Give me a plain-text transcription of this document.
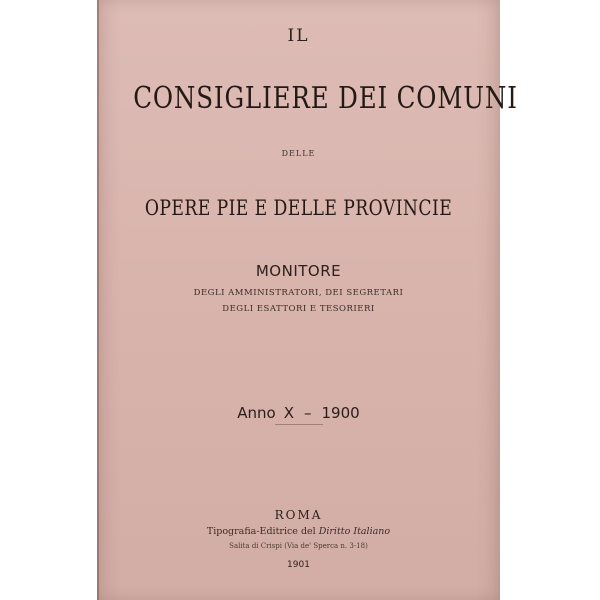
IL
CONSIGLIERE DEI COMUNI
DELLE
OPERE PIE E DELLE PROVINCIE
MONITORE
DEGLI AMMINISTRATORI, DEI SEGRETARI
DEGLI ESATTORI E TESORIERI
Anno X – 1900
ROMA
Tipografia-Editrice del Diritto Italiano
Salita di Crispi (Via de' Sperca n. 3-18)
1901
